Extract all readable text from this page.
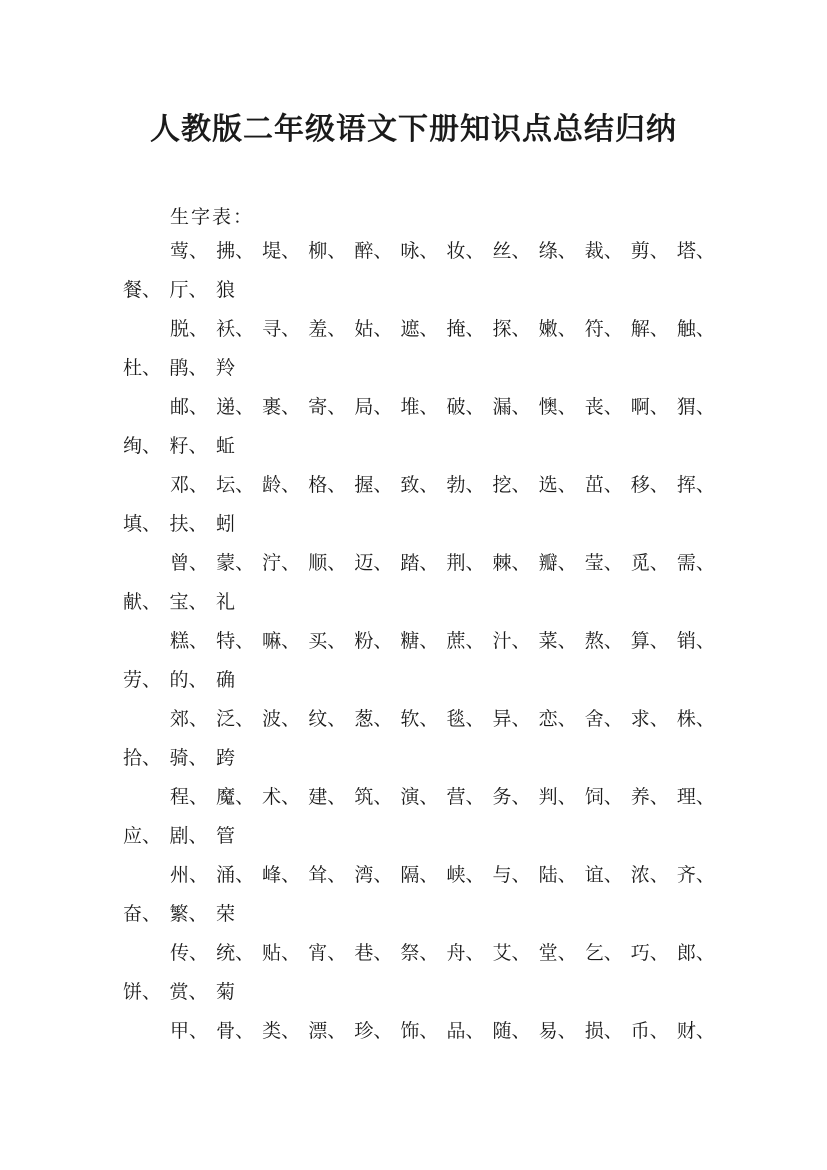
人教版二年级语文下册知识点总结归纳
生字表：
莺、 拂、 堤、 柳、 醉、 咏、 妆、 丝、 绦、 裁、 剪、 塔、
餐、 厅、 狼
脱、 袄、 寻、 羞、 姑、 遮、 掩、 探、 嫩、 符、 解、 触、
杜、 鹃、 羚
邮、 递、 裹、 寄、 局、 堆、 破、 漏、 懊、 丧、 啊、 猬、
绚、 籽、 蚯
邓、 坛、 龄、 格、 握、 致、 勃、 挖、 选、 茁、 移、 挥、
填、 扶、 蚓
曾、 蒙、 泞、 顺、 迈、 踏、 荆、 棘、 瓣、 莹、 觅、 需、
献、 宝、 礼
糕、 特、 嘛、 买、 粉、 糖、 蔗、 汁、 菜、 熬、 算、 销、
劳、 的、 确
郊、 泛、 波、 纹、 葱、 软、 毯、 异、 恋、 舍、 求、 株、
拾、 骑、 跨
程、 魔、 术、 建、 筑、 演、 营、 务、 判、 饲、 养、 理、
应、 剧、 管
州、 涌、 峰、 耸、 湾、 隔、 峡、 与、 陆、 谊、 浓、 齐、
奋、 繁、 荣
传、 统、 贴、 宵、 巷、 祭、 舟、 艾、 堂、 乞、 巧、 郎、
饼、 赏、 菊
甲、 骨、 类、 漂、 珍、 饰、 品、 随、 易、 损、 币、 财、
